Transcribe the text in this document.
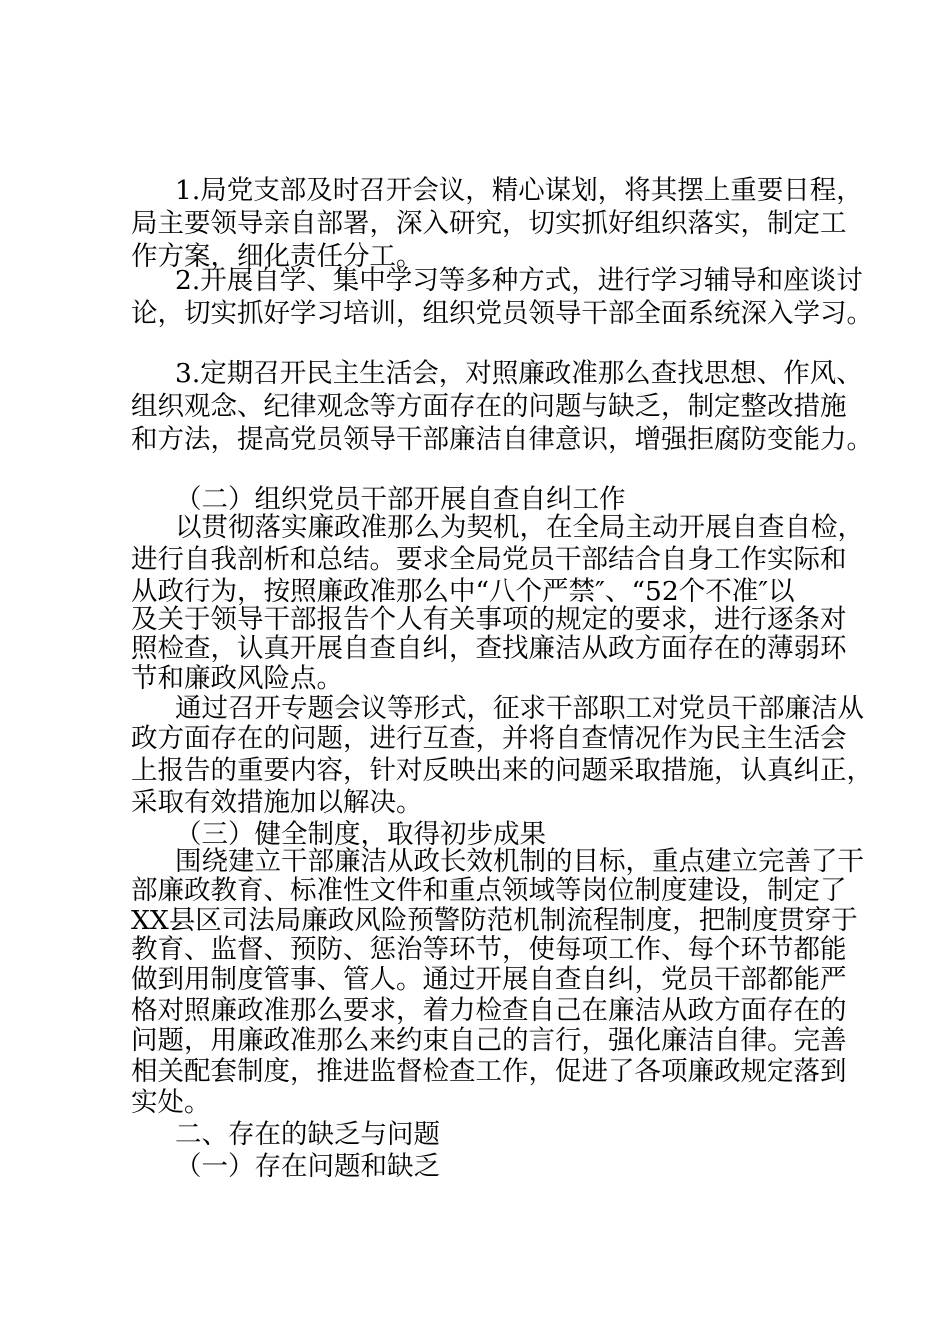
1.局党支部及时召开会议，精心谋划，将其摆上重要日程，
局主要领导亲自部署，深入研究，切实抓好组织落实，制定工
作方案，细化责任分工。
2.开展自学、集中学习等多种方式，进行学习辅导和座谈讨
论，切实抓好学习培训，组织党员领导干部全面系统深入学习。
3.定期召开民主生活会，对照廉政准那么查找思想、作风、
组织观念、纪律观念等方面存在的问题与缺乏，制定整改措施
和方法，提高党员领导干部廉洁自律意识，增强拒腐防变能力。
（二）组织党员干部开展自查自纠工作
以贯彻落实廉政准那么为契机，在全局主动开展自查自检，
进行自我剖析和总结。要求全局党员干部结合自身工作实际和
从政行为，按照廉政准那么中“八个严禁″、“52个不准″以
及关于领导干部报告个人有关事项的规定的要求，进行逐条对
照检查，认真开展自查自纠，查找廉洁从政方面存在的薄弱环
节和廉政风险点。
通过召开专题会议等形式，征求干部职工对党员干部廉洁从
政方面存在的问题，进行互查，并将自查情况作为民主生活会
上报告的重要内容，针对反映出来的问题采取措施，认真纠正，
采取有效措施加以解决。
（三）健全制度，取得初步成果
围绕建立干部廉洁从政长效机制的目标，重点建立完善了干
部廉政教育、标准性文件和重点领域等岗位制度建设，制定了
XX县区司法局廉政风险预警防范机制流程制度，把制度贯穿于
教育、监督、预防、惩治等环节，使每项工作、每个环节都能
做到用制度管事、管人。通过开展自查自纠，党员干部都能严
格对照廉政准那么要求，着力检查自己在廉洁从政方面存在的
问题，用廉政准那么来约束自己的言行，强化廉洁自律。完善
相关配套制度，推进监督检查工作，促进了各项廉政规定落到
实处。
二、存在的缺乏与问题
（一）存在问题和缺乏
